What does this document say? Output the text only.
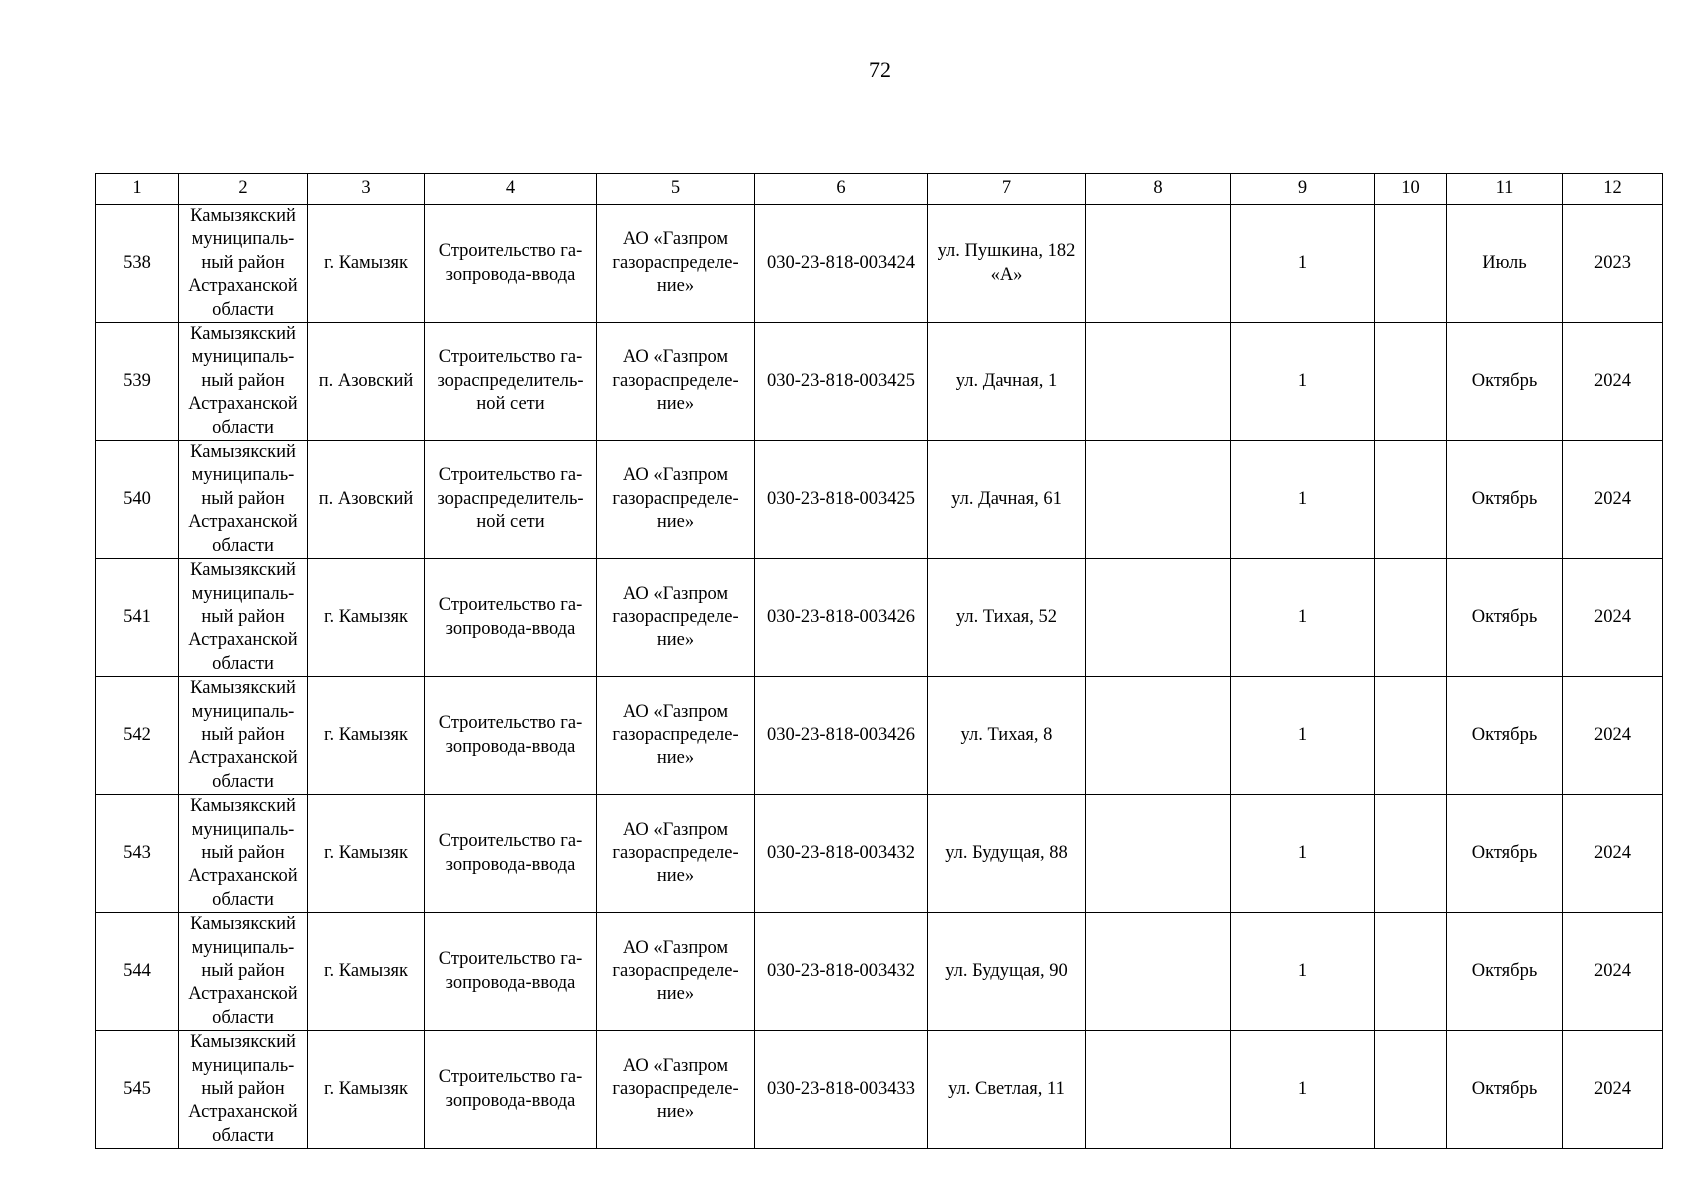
72
1	2	3	4	5	6	7	8	9	10	11	12
538	Камызякский муниципаль-ный район Астраханской области	г. Камызяк	Строительство га-зопровода-ввода	АО «Газпром газораспределе-ние»	030-23-818-003424	ул. Пушкина, 182 «А»		1		Июль	2023
539	Камызякский муниципаль-ный район Астраханской области	п. Азовский	Строительство га-зораспределитель-ной сети	АО «Газпром газораспределе-ние»	030-23-818-003425	ул. Дачная, 1		1		Октябрь	2024
540	Камызякский муниципаль-ный район Астраханской области	п. Азовский	Строительство га-зораспределитель-ной сети	АО «Газпром газораспределе-ние»	030-23-818-003425	ул. Дачная, 61		1		Октябрь	2024
541	Камызякский муниципаль-ный район Астраханской области	г. Камызяк	Строительство га-зопровода-ввода	АО «Газпром газораспределе-ние»	030-23-818-003426	ул. Тихая, 52		1		Октябрь	2024
542	Камызякский муниципаль-ный район Астраханской области	г. Камызяк	Строительство га-зопровода-ввода	АО «Газпром газораспределе-ние»	030-23-818-003426	ул. Тихая, 8		1		Октябрь	2024
543	Камызякский муниципаль-ный район Астраханской области	г. Камызяк	Строительство га-зопровода-ввода	АО «Газпром газораспределе-ние»	030-23-818-003432	ул. Будущая, 88		1		Октябрь	2024
544	Камызякский муниципаль-ный район Астраханской области	г. Камызяк	Строительство га-зопровода-ввода	АО «Газпром газораспределе-ние»	030-23-818-003432	ул. Будущая, 90		1		Октябрь	2024
545	Камызякский муниципаль-ный район Астраханской области	г. Камызяк	Строительство га-зопровода-ввода	АО «Газпром газораспределе-ние»	030-23-818-003433	ул. Светлая, 11		1		Октябрь	2024
